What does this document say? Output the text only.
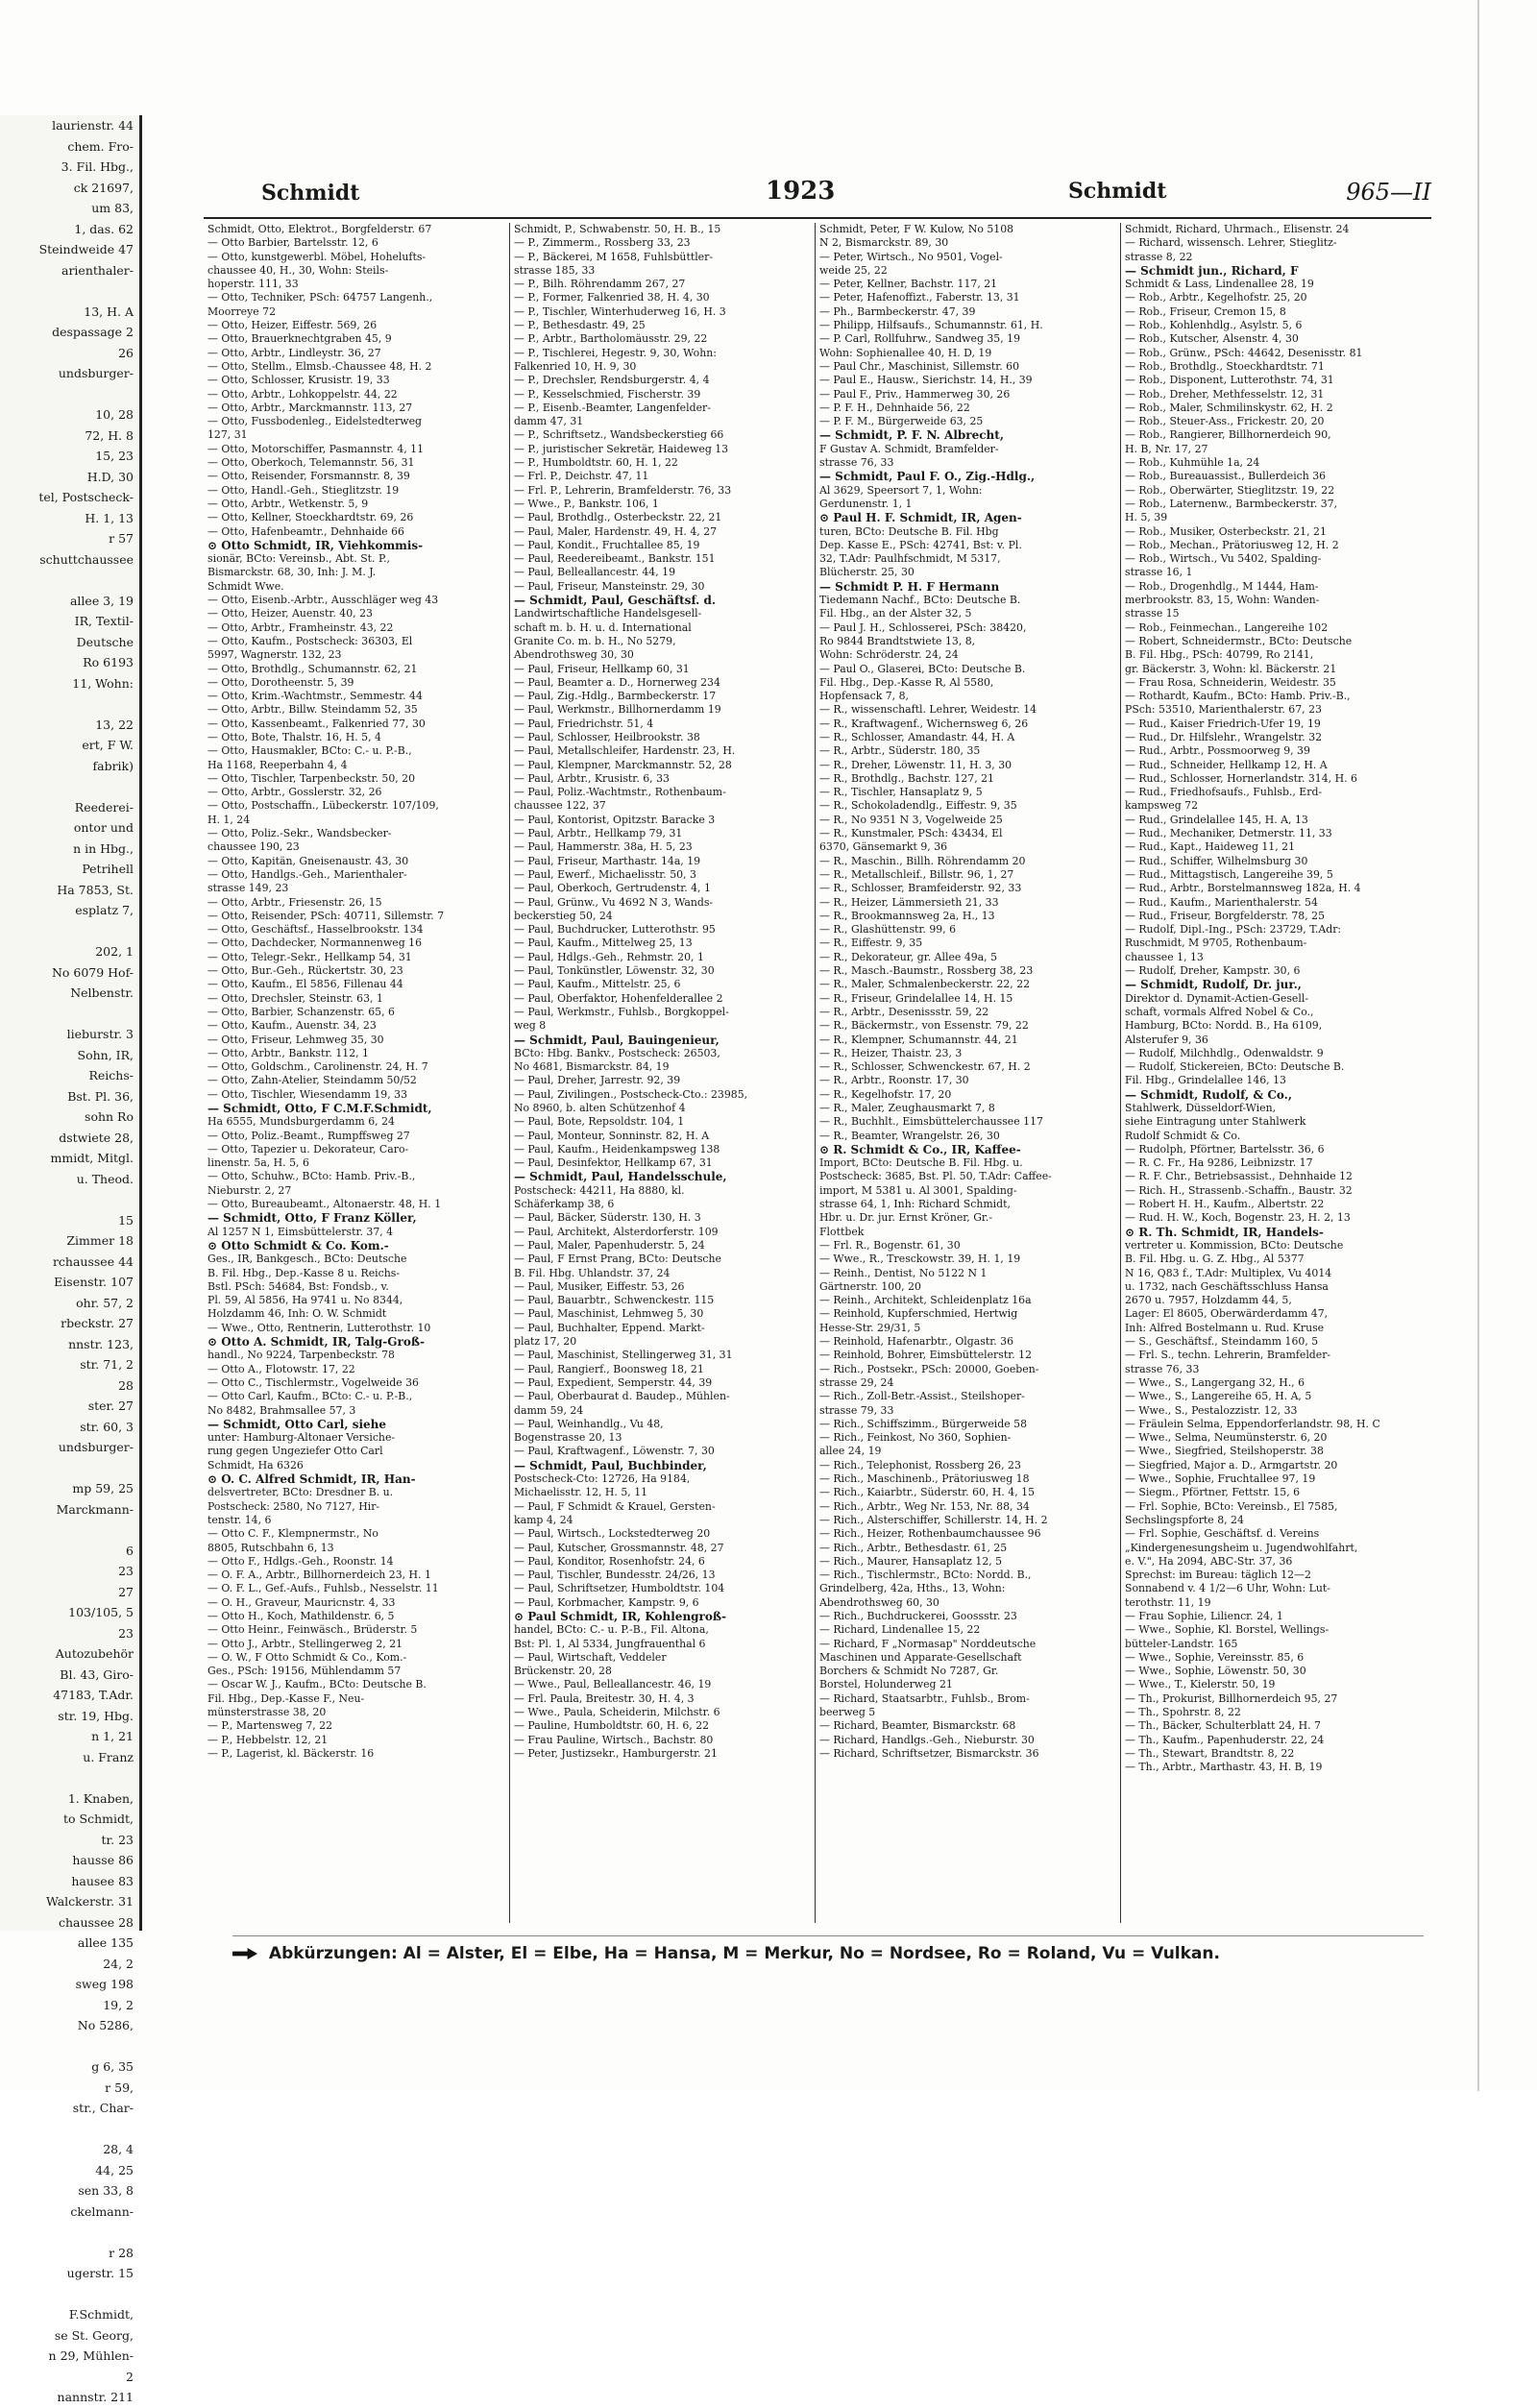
laurienstr. 44
chem. Fro-
3. Fil. Hbg.,
ck 21697,
um 83,
1, das. 62
Steindweide 47
arienthaler-

13, H. A
despassage 2
26
undsburger-

10, 28
72, H. 8
15, 23
H.D, 30
tel, Postscheck-
H. 1, 13
r 57
schuttchaussee

allee 3, 19
IR, Textil-
Deutsche
Ro 6193
11, Wohn:

13, 22
ert, F W.
fabrik)

Reederei-
ontor und
n in Hbg.,
Petrihell
Ha 7853, St.
esplatz 7,

202, 1
No 6079 Hof-
Nelbenstr.

lieburstr. 3
Sohn, IR,
Reichs-
Bst. Pl. 36,
sohn Ro
dstwiete 28,
mmidt, Mitgl.
u. Theod.

15
Zimmer 18
rchaussee 44
Eisenstr. 107
ohr. 57, 2
rbeckstr. 27
nnstr. 123,
str. 71, 2
28
ster. 27
str. 60, 3
undsburger-

mp 59, 25
Marckmann-

6
23
27
103/105, 5
23
Autozubehör
Bl. 43, Giro-
47183, T.Adr.
str. 19, Hbg.
n 1, 21
u. Franz

1. Knaben,
to Schmidt,
tr. 23
hausse 86
hausee 83
Walckerstr. 31
chaussee 28
allee 135
24, 2
sweg 198
19, 2
No 5286,

g 6, 35
r 59,
str., Char-

28, 4
44, 25
sen 33, 8
ckelmann-

r 28
ugerstr. 15

F.Schmidt,
se St. Georg,
n 29, Mühlen-
2
nannstr. 211
Schmidt	1923	Schmidt	965—II
Schmidt, Otto, Elektrot., Borgfelderstr. 67
— Otto Barbier, Bartelsstr. 12, 6
— Otto, kunstgewerbl. Möbel, Hohelufts-
chaussee 40, H., 30, Wohn: Steils-
hoperstr. 111, 33
— Otto, Techniker, PSch: 64757 Langenh.,
Moorreye 72
— Otto, Heizer, Eiffestr. 569, 26
— Otto, Brauerknechtgraben 45, 9
— Otto, Arbtr., Lindleystr. 36, 27
— Otto, Stellm., Elmsb.-Chaussee 48, H. 2
— Otto, Schlosser, Krusistr. 19, 33
— Otto, Arbtr., Lohkoppelstr. 44, 22
— Otto, Arbtr., Marckmannstr. 113, 27
— Otto, Fussbodenleg., Eidelstedterweg
127, 31
— Otto, Motorschiffer, Pasmannstr. 4, 11
— Otto, Oberkoch, Telemannstr. 56, 31
— Otto, Reisender, Forsmannstr. 8, 39
— Otto, Handl.-Geh., Stieglitzstr. 19
— Otto, Arbtr., Wetkenstr. 5, 9
— Otto, Kellner, Stoeckhardtstr. 69, 26
— Otto, Hafenbeamtr., Dehnhaide 66
⊙ Otto Schmidt, IR, Viehkommis-
sionär, BCto: Vereinsb., Abt. St. P.,
Bismarckstr. 68, 30, Inh: J. M. J.
Schmidt Wwe.
— Otto, Eisenb.-Arbtr., Ausschläger weg 43
— Otto, Heizer, Auenstr. 40, 23
— Otto, Arbtr., Framheinstr. 43, 22
— Otto, Kaufm., Postscheck: 36303, El
5997, Wagnerstr. 132, 23
— Otto, Brothdlg., Schumannstr. 62, 21
— Otto, Dorotheenstr. 5, 39
— Otto, Krim.-Wachtmstr., Semmestr. 44
— Otto, Arbtr., Billw. Steindamm 52, 35
— Otto, Kassenbeamt., Falkenried 77, 30
— Otto, Bote, Thalstr. 16, H. 5, 4
— Otto, Hausmakler, BCto: C.- u. P.-B.,
Ha 1168, Reeperbahn 4, 4
— Otto, Tischler, Tarpenbeckstr. 50, 20
— Otto, Arbtr., Gosslerstr. 32, 26
— Otto, Postschaffn., Lübeckerstr. 107/109,
H. 1, 24
— Otto, Poliz.-Sekr., Wandsbecker-
chaussee 190, 23
— Otto, Kapitän, Gneisenaustr. 43, 30
— Otto, Handlgs.-Geh., Marienthaler-
strasse 149, 23
— Otto, Arbtr., Friesenstr. 26, 15
— Otto, Reisender, PSch: 40711, Sillemstr. 7
— Otto, Geschäftsf., Hasselbrookstr. 134
— Otto, Dachdecker, Normannenweg 16
— Otto, Telegr.-Sekr., Hellkamp 54, 31
— Otto, Bur.-Geh., Rückertstr. 30, 23
— Otto, Kaufm., El 5856, Fillenau 44
— Otto, Drechsler, Steinstr. 63, 1
— Otto, Barbier, Schanzenstr. 65, 6
— Otto, Kaufm., Auenstr. 34, 23
— Otto, Friseur, Lehmweg 35, 30
— Otto, Arbtr., Bankstr. 112, 1
— Otto, Goldschm., Carolinenstr. 24, H. 7
— Otto, Zahn-Atelier, Steindamm 50/52
— Otto, Tischler, Wiesendamm 19, 33
— Schmidt, Otto, F C.M.F.Schmidt,
Ha 6555, Mundsburgerdamm 6, 24
— Otto, Poliz.-Beamt., Rumpffsweg 27
— Otto, Tapezier u. Dekorateur, Caro-
linenstr. 5a, H. 5, 6
— Otto, Schuhw., BCto: Hamb. Priv.-B.,
Nieburstr. 2, 27
— Otto, Bureaubeamt., Altonaerstr. 48, H. 1
— Schmidt, Otto, F Franz Köller,
Al 1257 N 1, Eimsbüttelerstr. 37, 4
⊙ Otto Schmidt & Co. Kom.-
Ges., IR, Bankgesch., BCto: Deutsche
B. Fil. Hbg., Dep.-Kasse 8 u. Reichs-
Bstl. PSch: 54684, Bst: Fondsb., v.
Pl. 59, Al 5856, Ha 9741 u. No 8344,
Holzdamm 46, Inh: O. W. Schmidt
— Wwe., Otto, Rentnerin, Lutterothstr. 10
⊙ Otto A. Schmidt, IR, Talg-Groß-
handl., No 9224, Tarpenbeckstr. 78
— Otto A., Flotowstr. 17, 22
— Otto C., Tischlermstr., Vogelweide 36
— Otto Carl, Kaufm., BCto: C.- u. P.-B.,
No 8482, Brahmsallee 57, 3
— Schmidt, Otto Carl, siehe
unter: Hamburg-Altonaer Versiche-
rung gegen Ungeziefer Otto Carl
Schmidt, Ha 6326
⊙ O. C. Alfred Schmidt, IR, Han-
delsvertreter, BCto: Dresdner B. u.
Postscheck: 2580, No 7127, Hir-
tenstr. 14, 6
— Otto C. F., Klempnermstr., No
8805, Rutschbahn 6, 13
— Otto F., Hdlgs.-Geh., Roonstr. 14
— O. F. A., Arbtr., Billhornerdeich 23, H. 1
— O. F. L., Gef.-Aufs., Fuhlsb., Nesselstr. 11
— O. H., Graveur, Mauricnstr. 4, 33
— Otto H., Koch, Mathildenstr. 6, 5
— Otto Heinr., Feinwäsch., Brüderstr. 5
— Otto J., Arbtr., Stellingerweg 2, 21
— O. W., F Otto Schmidt & Co., Kom.-
Ges., PSch: 19156, Mühlendamm 57
— Oscar W. J., Kaufm., BCto: Deutsche B.
Fil. Hbg., Dep.-Kasse F., Neu-
münsterstrasse 38, 20
— P., Martensweg 7, 22
— P., Hebbelstr. 12, 21
— P., Lagerist, kl. Bäckerstr. 16
Schmidt, P., Schwabenstr. 50, H. B., 15
— P., Zimmerm., Rossberg 33, 23
— P., Bäckerei, M 1658, Fuhlsbüttler-
strasse 185, 33
— P., Bilh. Röhrendamm 267, 27
— P., Former, Falkenried 38, H. 4, 30
— P., Tischler, Winterhuderweg 16, H. 3
— P., Bethesdastr. 49, 25
— P., Arbtr., Bartholomäusstr. 29, 22
— P., Tischlerei, Hegestr. 9, 30, Wohn:
Falkenried 10, H. 9, 30
— P., Drechsler, Rendsburgerstr. 4, 4
— P., Kesselschmied, Fischerstr. 39
— P., Eisenb.-Beamter, Langenfelder-
damm 47, 31
— P., Schriftsetz., Wandsbeckerstieg 66
— P., juristischer Sekretär, Haideweg 13
— P., Humboldtstr. 60, H. 1, 22
— Frl. P., Deichstr. 47, 11
— Frl. P., Lehrerin, Bramfelderstr. 76, 33
— Wwe., P., Bankstr. 106, 1
— Paul, Brothdlg., Osterbeckstr. 22, 21
— Paul, Maler, Hardenstr. 49, H. 4, 27
— Paul, Kondit., Fruchtallee 85, 19
— Paul, Reedereibeamt., Bankstr. 151
— Paul, Belleallancestr. 44, 19
— Paul, Friseur, Mansteinstr. 29, 30
— Schmidt, Paul, Geschäftsf. d.
Landwirtschaftliche Handelsgesell-
schaft m. b. H. u. d. International
Granite Co. m. b. H., No 5279,
Abendrothsweg 30, 30
— Paul, Friseur, Hellkamp 60, 31
— Paul, Beamter a. D., Hornerweg 234
— Paul, Zig.-Hdlg., Barmbeckerstr. 17
— Paul, Werkmstr., Billhornerdamm 19
— Paul, Friedrichstr. 51, 4
— Paul, Schlosser, Heilbrookstr. 38
— Paul, Metallschleifer, Hardenstr. 23, H.
— Paul, Klempner, Marckmannstr. 52, 28
— Paul, Arbtr., Krusistr. 6, 33
— Paul, Poliz.-Wachtmstr., Rothenbaum-
chaussee 122, 37
— Paul, Kontorist, Opitzstr. Baracke 3
— Paul, Arbtr., Hellkamp 79, 31
— Paul, Hammerstr. 38a, H. 5, 23
— Paul, Friseur, Marthastr. 14a, 19
— Paul, Ewerf., Michaelisstr. 50, 3
— Paul, Oberkoch, Gertrudenstr. 4, 1
— Paul, Grünw., Vu 4692 N 3, Wands-
beckerstieg 50, 24
— Paul, Buchdrucker, Lutterothstr. 95
— Paul, Kaufm., Mittelweg 25, 13
— Paul, Hdlgs.-Geh., Rehmstr. 20, 1
— Paul, Tonkünstler, Löwenstr. 32, 30
— Paul, Kaufm., Mittelstr. 25, 6
— Paul, Oberfaktor, Hohenfelderallee 2
— Paul, Werkmstr., Fuhlsb., Borgkoppel-
weg 8
— Schmidt, Paul, Bauingenieur,
BCto: Hbg. Bankv., Postscheck: 26503,
No 4681, Bismarckstr. 84, 19
— Paul, Dreher, Jarrestr. 92, 39
— Paul, Zivilingen., Postscheck-Cto.: 23985,
No 8960, b. alten Schützenhof 4
— Paul, Bote, Repsoldstr. 104, 1
— Paul, Monteur, Sonninstr. 82, H. A
— Paul, Kaufm., Heidenkampsweg 138
— Paul, Desinfektor, Hellkamp 67, 31
— Schmidt, Paul, Handelsschule,
Postscheck: 44211, Ha 8880, kl.
Schäferkamp 38, 6
— Paul, Bäcker, Süderstr. 130, H. 3
— Paul, Architekt, Alsterdorferstr. 109
— Paul, Maler, Papenhuderstr. 5, 24
— Paul, F Ernst Prang, BCto: Deutsche
B. Fil. Hbg. Uhlandstr. 37, 24
— Paul, Musiker, Eiffestr. 53, 26
— Paul, Bauarbtr., Schwenckestr. 115
— Paul, Maschinist, Lehmweg 5, 30
— Paul, Buchhalter, Eppend. Markt-
platz 17, 20
— Paul, Maschinist, Stellingerweg 31, 31
— Paul, Rangierf., Boonsweg 18, 21
— Paul, Expedient, Semperstr. 44, 39
— Paul, Oberbaurat d. Baudep., Mühlen-
damm 59, 24
— Paul, Weinhandlg., Vu 48,
Bogenstrasse 20, 13
— Paul, Kraftwagenf., Löwenstr. 7, 30
— Schmidt, Paul, Buchbinder,
Postscheck-Cto: 12726, Ha 9184,
Michaelisstr. 12, H. 5, 11
— Paul, F Schmidt & Krauel, Gersten-
kamp 4, 24
— Paul, Wirtsch., Lockstedterweg 20
— Paul, Kutscher, Grossmannstr. 48, 27
— Paul, Konditor, Rosenhofstr. 24, 6
— Paul, Tischler, Bundesstr. 24/26, 13
— Paul, Schriftsetzer, Humboldtstr. 104
— Paul, Korbmacher, Kampstr. 9, 6
⊙ Paul Schmidt, IR, Kohlengroß-
handel, BCto: C.- u. P.-B., Fil. Altona,
Bst: Pl. 1, Al 5334, Jungfrauenthal 6
— Paul, Wirtschaft, Veddeler
Brückenstr. 20, 28
— Wwe., Paul, Belleallancestr. 46, 19
— Frl. Paula, Breitestr. 30, H. 4, 3
— Wwe., Paula, Scheiderin, Milchstr. 6
— Pauline, Humboldtstr. 60, H. 6, 22
— Frau Pauline, Wirtsch., Bachstr. 80
— Peter, Justizsekr., Hamburgerstr. 21
Schmidt, Peter, F W. Kulow, No 5108
N 2, Bismarckstr. 89, 30
— Peter, Wirtsch., No 9501, Vogel-
weide 25, 22
— Peter, Kellner, Bachstr. 117, 21
— Peter, Hafenoffizt., Faberstr. 13, 31
— Ph., Barmbeckerstr. 47, 39
— Philipp, Hilfsaufs., Schumannstr. 61, H.
— P. Carl, Rollfuhrw., Sandweg 35, 19
Wohn: Sophienallee 40, H. D, 19
— Paul Chr., Maschinist, Sillemstr. 60
— Paul E., Hausw., Sierichstr. 14, H., 39
— Paul F., Priv., Hammerweg 30, 26
— P. F. H., Dehnhaide 56, 22
— P. F. M., Bürgerweide 63, 25
— Schmidt, P. F. N. Albrecht,
F Gustav A. Schmidt, Bramfelder-
strasse 76, 33
— Schmidt, Paul F. O., Zig.-Hdlg.,
Al 3629, Speersort 7, 1, Wohn:
Gerdunenstr. 1, 1
⊙ Paul H. F. Schmidt, IR, Agen-
turen, BCto: Deutsche B. Fil. Hbg
Dep. Kasse E., PSch: 42741, Bst: v. Pl.
32, T.Adr: Paulhfschmidt, M 5317,
Blücherstr. 25, 30
— Schmidt P. H. F Hermann
Tiedemann Nachf., BCto: Deutsche B.
Fil. Hbg., an der Alster 32, 5
— Paul J. H., Schlosserei, PSch: 38420,
Ro 9844 Brandtstwiete 13, 8,
Wohn: Schröderstr. 24, 24
— Paul O., Glaserei, BCto: Deutsche B.
Fil. Hbg., Dep.-Kasse R, Al 5580,
Hopfensack 7, 8,
— R., wissenschaftl. Lehrer, Weidestr. 14
— R., Kraftwagenf., Wichernsweg 6, 26
— R., Schlosser, Amandastr. 44, H. A
— R., Arbtr., Süderstr. 180, 35
— R., Dreher, Löwenstr. 11, H. 3, 30
— R., Brothdlg., Bachstr. 127, 21
— R., Tischler, Hansaplatz 9, 5
— R., Schokoladendlg., Eiffestr. 9, 35
— R., No 9351 N 3, Vogelweide 25
— R., Kunstmaler, PSch: 43434, El
6370, Gänsemarkt 9, 36
— R., Maschin., Billh. Röhrendamm 20
— R., Metallschleif., Billstr. 96, 1, 27
— R., Schlosser, Bramfeiderstr. 92, 33
— R., Heizer, Lämmersieth 21, 33
— R., Brookmannsweg 2a, H., 13
— R., Glashüttenstr. 99, 6
— R., Eiffestr. 9, 35
— R., Dekorateur, gr. Allee 49a, 5
— R., Masch.-Baumstr., Rossberg 38, 23
— R., Maler, Schmalenbeckerstr. 22, 22
— R., Friseur, Grindelallee 14, H. 15
— R., Arbtr., Desenissstr. 59, 22
— R., Bäckermstr., von Essenstr. 79, 22
— R., Klempner, Schumannstr. 44, 21
— R., Heizer, Thaistr. 23, 3
— R., Schlosser, Schwenckestr. 67, H. 2
— R., Arbtr., Roonstr. 17, 30
— R., Kegelhofstr. 17, 20
— R., Maler, Zeughausmarkt 7, 8
— R., Buchhlt., Eimsbüttelerchaussee 117
— R., Beamter, Wrangelstr. 26, 30
⊙ R. Schmidt & Co., IR, Kaffee-
Import, BCto: Deutsche B. Fil. Hbg. u.
Postscheck: 3685, Bst. Pl. 50, T.Adr: Caffee-
import, M 5381 u. Al 3001, Spalding-
strasse 64, 1, Inh: Richard Schmidt,
Hbr. u. Dr. jur. Ernst Kröner, Gr.-
Flottbek
— Frl. R., Bogenstr. 61, 30
— Wwe., R., Tresckowstr. 39, H. 1, 19
— Reinh., Dentist, No 5122 N 1
Gärtnerstr. 100, 20
— Reinh., Architekt, Schleidenplatz 16a
— Reinhold, Kupferschmied, Hertwig
Hesse-Str. 29/31, 5
— Reinhold, Hafenarbtr., Olgastr. 36
— Reinhold, Bohrer, Eimsbüttelerstr. 12
— Rich., Postsekr., PSch: 20000, Goeben-
strasse 29, 24
— Rich., Zoll-Betr.-Assist., Steilshoper-
strasse 79, 33
— Rich., Schiffszimm., Bürgerweide 58
— Rich., Feinkost, No 360, Sophien-
allee 24, 19
— Rich., Telephonist, Rossberg 26, 23
— Rich., Maschinenb., Prätoriusweg 18
— Rich., Kaiarbtr., Süderstr. 60, H. 4, 15
— Rich., Arbtr., Weg Nr. 153, Nr. 88, 34
— Rich., Alsterschiffer, Schillerstr. 14, H. 2
— Rich., Heizer, Rothenbaumchaussee 96
— Rich., Arbtr., Bethesdastr. 61, 25
— Rich., Maurer, Hansaplatz 12, 5
— Rich., Tischlermstr., BCto: Nordd. B.,
Grindelberg, 42a, Hths., 13, Wohn:
Abendrothsweg 60, 30
— Rich., Buchdruckerei, Goossstr. 23
— Richard, Lindenallee 15, 22
— Richard, F „Normasap" Norddeutsche
Maschinen und Apparate-Gesellschaft
Borchers & Schmidt No 7287, Gr.
Borstel, Holunderweg 21
— Richard, Staatsarbtr., Fuhlsb., Brom-
beerweg 5
— Richard, Beamter, Bismarckstr. 68
— Richard, Handlgs.-Geh., Nieburstr. 30
— Richard, Schriftsetzer, Bismarckstr. 36
Schmidt, Richard, Uhrmach., Elisenstr. 24
— Richard, wissensch. Lehrer, Stieglitz-
strasse 8, 22
— Schmidt jun., Richard, F
Schmidt & Lass, Lindenallee 28, 19
— Rob., Arbtr., Kegelhofstr. 25, 20
— Rob., Friseur, Cremon 15, 8
— Rob., Kohlenhdlg., Asylstr. 5, 6
— Rob., Kutscher, Alsenstr. 4, 30
— Rob., Grünw., PSch: 44642, Desenisstr. 81
— Rob., Brothdlg., Stoeckhardtstr. 71
— Rob., Disponent, Lutterothstr. 74, 31
— Rob., Dreher, Methfesselstr. 12, 31
— Rob., Maler, Schmilinskystr. 62, H. 2
— Rob., Steuer-Ass., Frickestr. 20, 20
— Rob., Rangierer, Billhornerdeich 90,
H. B, Nr. 17, 27
— Rob., Kuhmühle 1a, 24
— Rob., Bureauassist., Bullerdeich 36
— Rob., Oberwärter, Stieglitzstr. 19, 22
— Rob., Laternenw., Barmbeckerstr. 37,
H. 5, 39
— Rob., Musiker, Osterbeckstr. 21, 21
— Rob., Mechan., Prätoriusweg 12, H. 2
— Rob., Wirtsch., Vu 5402, Spalding-
strasse 16, 1
— Rob., Drogenhdlg., M 1444, Ham-
merbrookstr. 83, 15, Wohn: Wanden-
strasse 15
— Rob., Feinmechan., Langereihe 102
— Robert, Schneidermstr., BCto: Deutsche
B. Fil. Hbg., PSch: 40799, Ro 2141,
gr. Bäckerstr. 3, Wohn: kl. Bäckerstr. 21
— Frau Rosa, Schneiderin, Weidestr. 35
— Rothardt, Kaufm., BCto: Hamb. Priv.-B.,
PSch: 53510, Marienthalerstr. 67, 23
— Rud., Kaiser Friedrich-Ufer 19, 19
— Rud., Dr. Hilfslehr., Wrangelstr. 32
— Rud., Arbtr., Possmoorweg 9, 39
— Rud., Schneider, Hellkamp 12, H. A
— Rud., Schlosser, Hornerlandstr. 314, H. 6
— Rud., Friedhofsaufs., Fuhlsb., Erd-
kampsweg 72
— Rud., Grindelallee 145, H. A, 13
— Rud., Mechaniker, Detmerstr. 11, 33
— Rud., Kapt., Haideweg 11, 21
— Rud., Schiffer, Wilhelmsburg 30
— Rud., Mittagstisch, Langereihe 39, 5
— Rud., Arbtr., Borstelmannsweg 182a, H. 4
— Rud., Kaufm., Marienthalerstr. 54
— Rud., Friseur, Borgfelderstr. 78, 25
— Rudolf, Dipl.-Ing., PSch: 23729, T.Adr:
Ruschmidt, M 9705, Rothenbaum-
chaussee 1, 13
— Rudolf, Dreher, Kampstr. 30, 6
— Schmidt, Rudolf, Dr. jur.,
Direktor d. Dynamit-Actien-Gesell-
schaft, vormals Alfred Nobel & Co.,
Hamburg, BCto: Nordd. B., Ha 6109,
Alsterufer 9, 36
— Rudolf, Milchhdlg., Odenwaldstr. 9
— Rudolf, Stickereien, BCto: Deutsche B.
Fil. Hbg., Grindelallee 146, 13
— Schmidt, Rudolf, & Co.,
Stahlwerk, Düsseldorf-Wien,
siehe Eintragung unter Stahlwerk
Rudolf Schmidt & Co.
— Rudolph, Pförtner, Bartelsstr. 36, 6
— R. C. Fr., Ha 9286, Leibnizstr. 17
— R. F. Chr., Betriebsassist., Dehnhaide 12
— Rich. H., Strassenb.-Schaffn., Baustr. 32
— Robert H. H., Kaufm., Albertstr. 22
— Rud. H. W., Koch, Bogenstr. 23, H. 2, 13
⊙ R. Th. Schmidt, IR, Handels-
vertreter u. Kommission, BCto: Deutsche
B. Fil. Hbg. u. G. Z. Hbg., Al 5377
N 16, Q83 f., T.Adr: Multiplex, Vu 4014
u. 1732, nach Geschäftsschluss Hansa
2670 u. 7957, Holzdamm 44, 5,
Lager: El 8605, Oberwärderdamm 47,
Inh: Alfred Bostelmann u. Rud. Kruse
— S., Geschäftsf., Steindamm 160, 5
— Frl. S., techn. Lehrerin, Bramfelder-
strasse 76, 33
— Wwe., S., Langergang 32, H., 6
— Wwe., S., Langereihe 65, H. A, 5
— Wwe., S., Pestalozzistr. 12, 33
— Fräulein Selma, Eppendorferlandstr. 98, H. C
— Wwe., Selma, Neumünsterstr. 6, 20
— Wwe., Siegfried, Steilshoperstr. 38
— Siegfried, Major a. D., Armgartstr. 20
— Wwe., Sophie, Fruchtallee 97, 19
— Siegm., Pförtner, Fettstr. 15, 6
— Frl. Sophie, BCto: Vereinsb., El 7585,
Sechslingspforte 8, 24
— Frl. Sophie, Geschäftsf. d. Vereins
„Kindergenesungsheim u. Jugendwohlfahrt,
e. V.", Ha 2094, ABC-Str. 37, 36
Sprechst: im Bureau: täglich 12—2
Sonnabend v. 4 1/2—6 Uhr, Wohn: Lut-
terothstr. 11, 19
— Frau Sophie, Liliencr. 24, 1
— Wwe., Sophie, Kl. Borstel, Wellings-
bütteler-Landstr. 165
— Wwe., Sophie, Vereinsstr. 85, 6
— Wwe., Sophie, Löwenstr. 50, 30
— Wwe., T., Kielerstr. 50, 19
— Th., Prokurist, Billhornerdeich 95, 27
— Th., Spohrstr. 8, 22
— Th., Bäcker, Schulterblatt 24, H. 7
— Th., Kaufm., Papenhuderstr. 22, 24
— Th., Stewart, Brandtstr. 8, 22
— Th., Arbtr., Marthastr. 43, H. B, 19
Abkürzungen: Al = Alster, El = Elbe, Ha = Hansa, M = Merkur, No = Nordsee, Ro = Roland, Vu = Vulkan.
